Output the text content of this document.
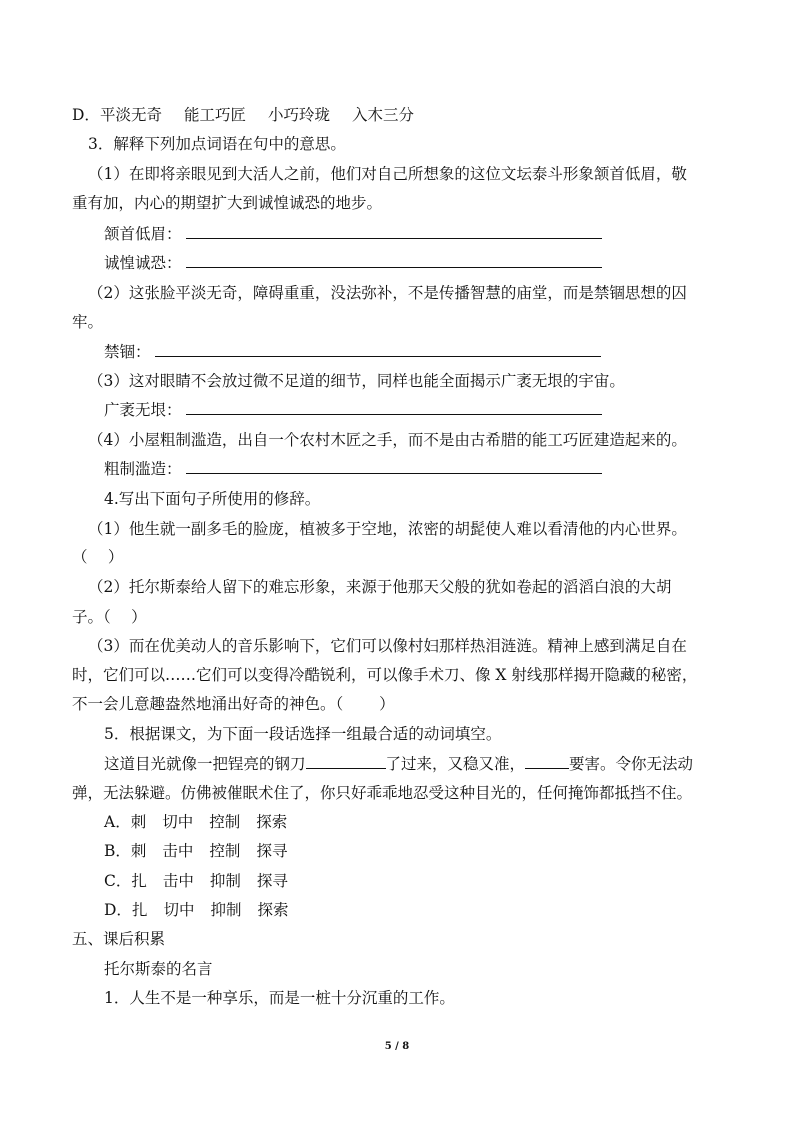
D．平淡无奇 能工巧匠 小巧玲珑 入木三分
3．解释下列加点词语在句中的意思。
（1）在即将亲眼见到大活人之前，他们对自己所想象的这位文坛泰斗形象颔首低眉，敬
重有加，内心的期望扩大到诚惶诚恐的地步。
颔首低眉：
诚惶诚恐：
（2）这张脸平淡无奇，障碍重重，没法弥补，不是传播智慧的庙堂，而是禁锢思想的囚
牢。
禁锢：
（3）这对眼睛不会放过微不足道的细节，同样也能全面揭示广袤无垠的宇宙。
广袤无垠：
（4）小屋粗制滥造，出自一个农村木匠之手，而不是由古希腊的能工巧匠建造起来的。
粗制滥造：
4.写出下面句子所使用的修辞。
（1）他生就一副多毛的脸庞，植被多于空地，浓密的胡髭使人难以看清他的内心世界。
（　 ）
（2）托尔斯泰给人留下的难忘形象，来源于他那天父般的犹如卷起的滔滔白浪的大胡
子。（　 ）
（3）而在优美动人的音乐影响下，它们可以像村妇那样热泪涟涟。精神上感到满足自在
时，它们可以……它们可以变得冷酷锐利，可以像手术刀、像 X 射线那样揭开隐藏的秘密，
不一会儿意趣盎然地涌出好奇的神色。（　　 ）
5．根据课文，为下面一段话选择一组最合适的动词填空。
这道目光就像一把锃亮的钢刀	了过来，又稳又准，	要害。令你无法动
弹，无法躲避。仿佛被催眠术住了，你只好乖乖地忍受这种目光的，任何掩饰都抵挡不住。
A．刺 切中 控制 探索
B．刺 击中 控制 探寻
C．扎 击中 抑制 探寻
D．扎 切中 抑制 探索
五、课后积累
托尔斯泰的名言
1．人生不是一种享乐，而是一桩十分沉重的工作。
5 / 8
